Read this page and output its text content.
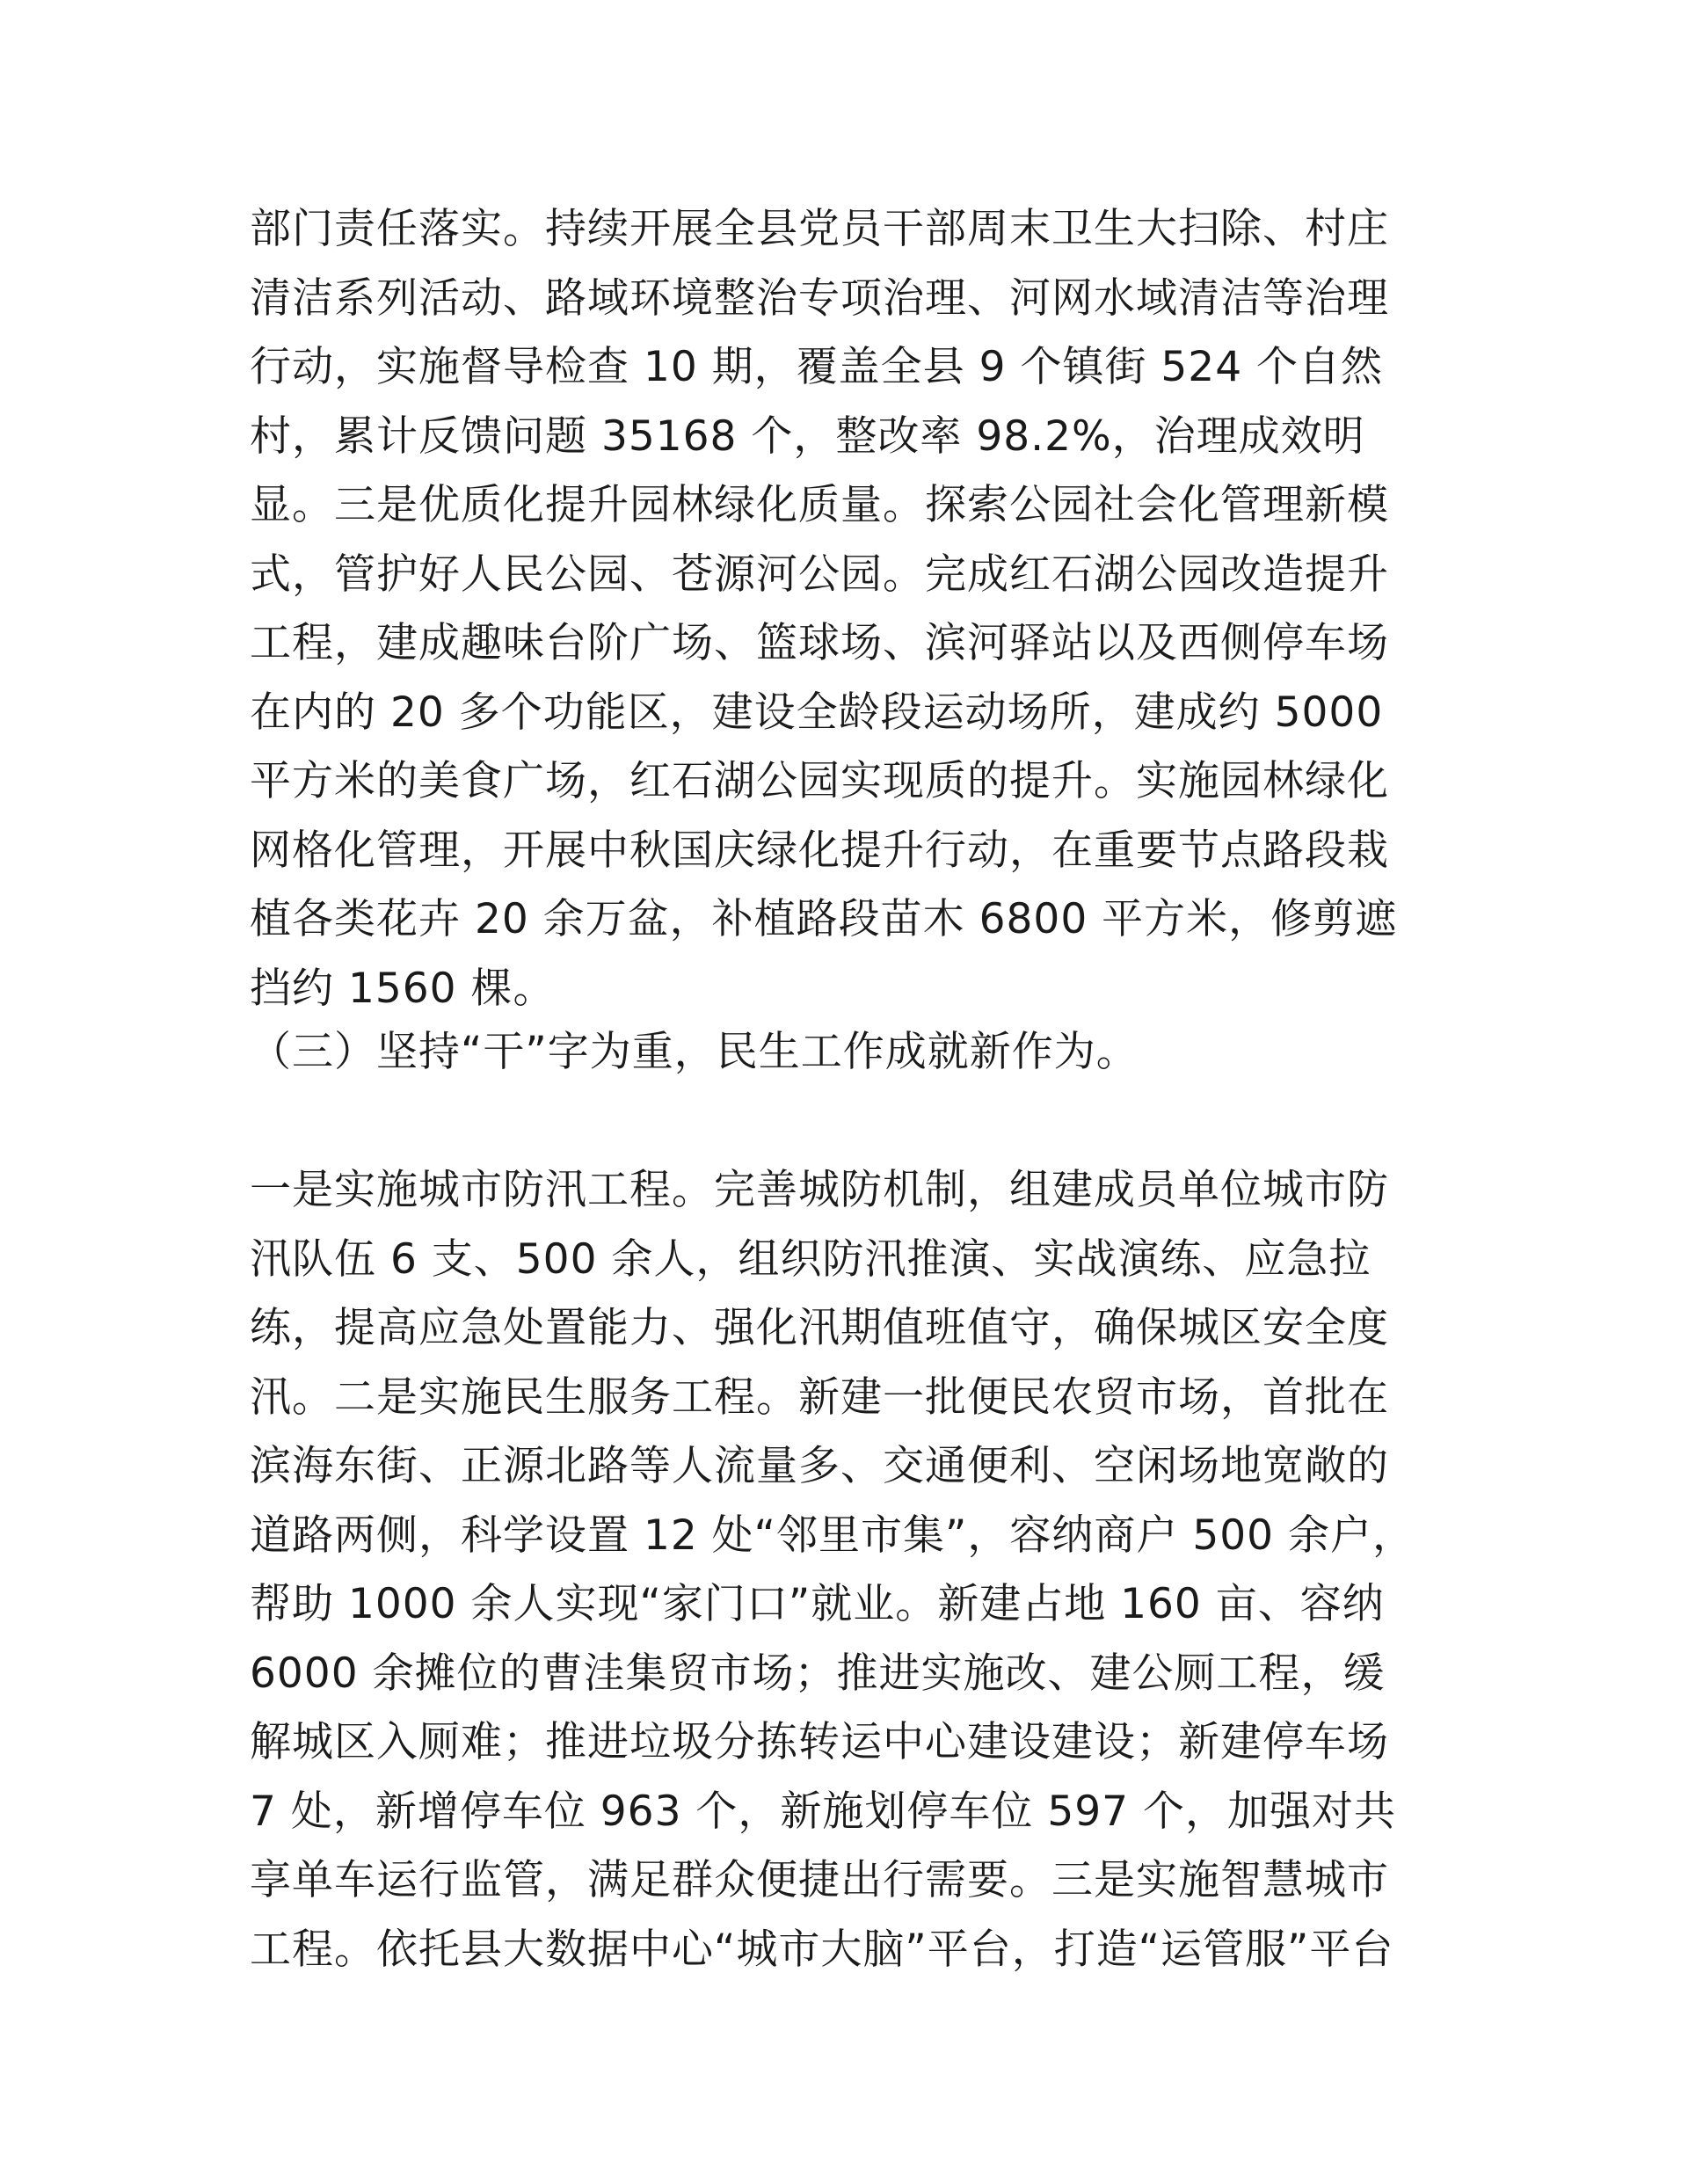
部门责任落实。持续开展全县党员干部周末卫生大扫除、村庄
清洁系列活动、路域环境整治专项治理、河网水域清洁等治理
行动，实施督导检查 10 期，覆盖全县 9 个镇街 524 个自然
村，累计反馈问题 35168 个，整改率 98.2%，治理成效明
显。三是优质化提升园林绿化质量。探索公园社会化管理新模
式，管护好人民公园、苍源河公园。完成红石湖公园改造提升
工程，建成趣味台阶广场、篮球场、滨河驿站以及西侧停车场
在内的 20 多个功能区，建设全龄段运动场所，建成约 5000
平方米的美食广场，红石湖公园实现质的提升。实施园林绿化
网格化管理，开展中秋国庆绿化提升行动，在重要节点路段栽
植各类花卉 20 余万盆，补植路段苗木 6800 平方米，修剪遮
挡约 1560 棵。
（三）坚持“干”字为重，民生工作成就新作为。
一是实施城市防汛工程。完善城防机制，组建成员单位城市防
汛队伍 6 支、500 余人，组织防汛推演、实战演练、应急拉
练，提高应急处置能力、强化汛期值班值守，确保城区安全度
汛。二是实施民生服务工程。新建一批便民农贸市场，首批在
滨海东街、正源北路等人流量多、交通便利、空闲场地宽敞的
道路两侧，科学设置 12 处“邻里市集”，容纳商户 500 余户，
帮助 1000 余人实现“家门口”就业。新建占地 160 亩、容纳
6000 余摊位的曹洼集贸市场；推进实施改、建公厕工程，缓
解城区入厕难；推进垃圾分拣转运中心建设建设；新建停车场
7 处，新增停车位 963 个，新施划停车位 597 个，加强对共
享单车运行监管，满足群众便捷出行需要。三是实施智慧城市
工程。依托县大数据中心“城市大脑”平台，打造“运管服”平台
